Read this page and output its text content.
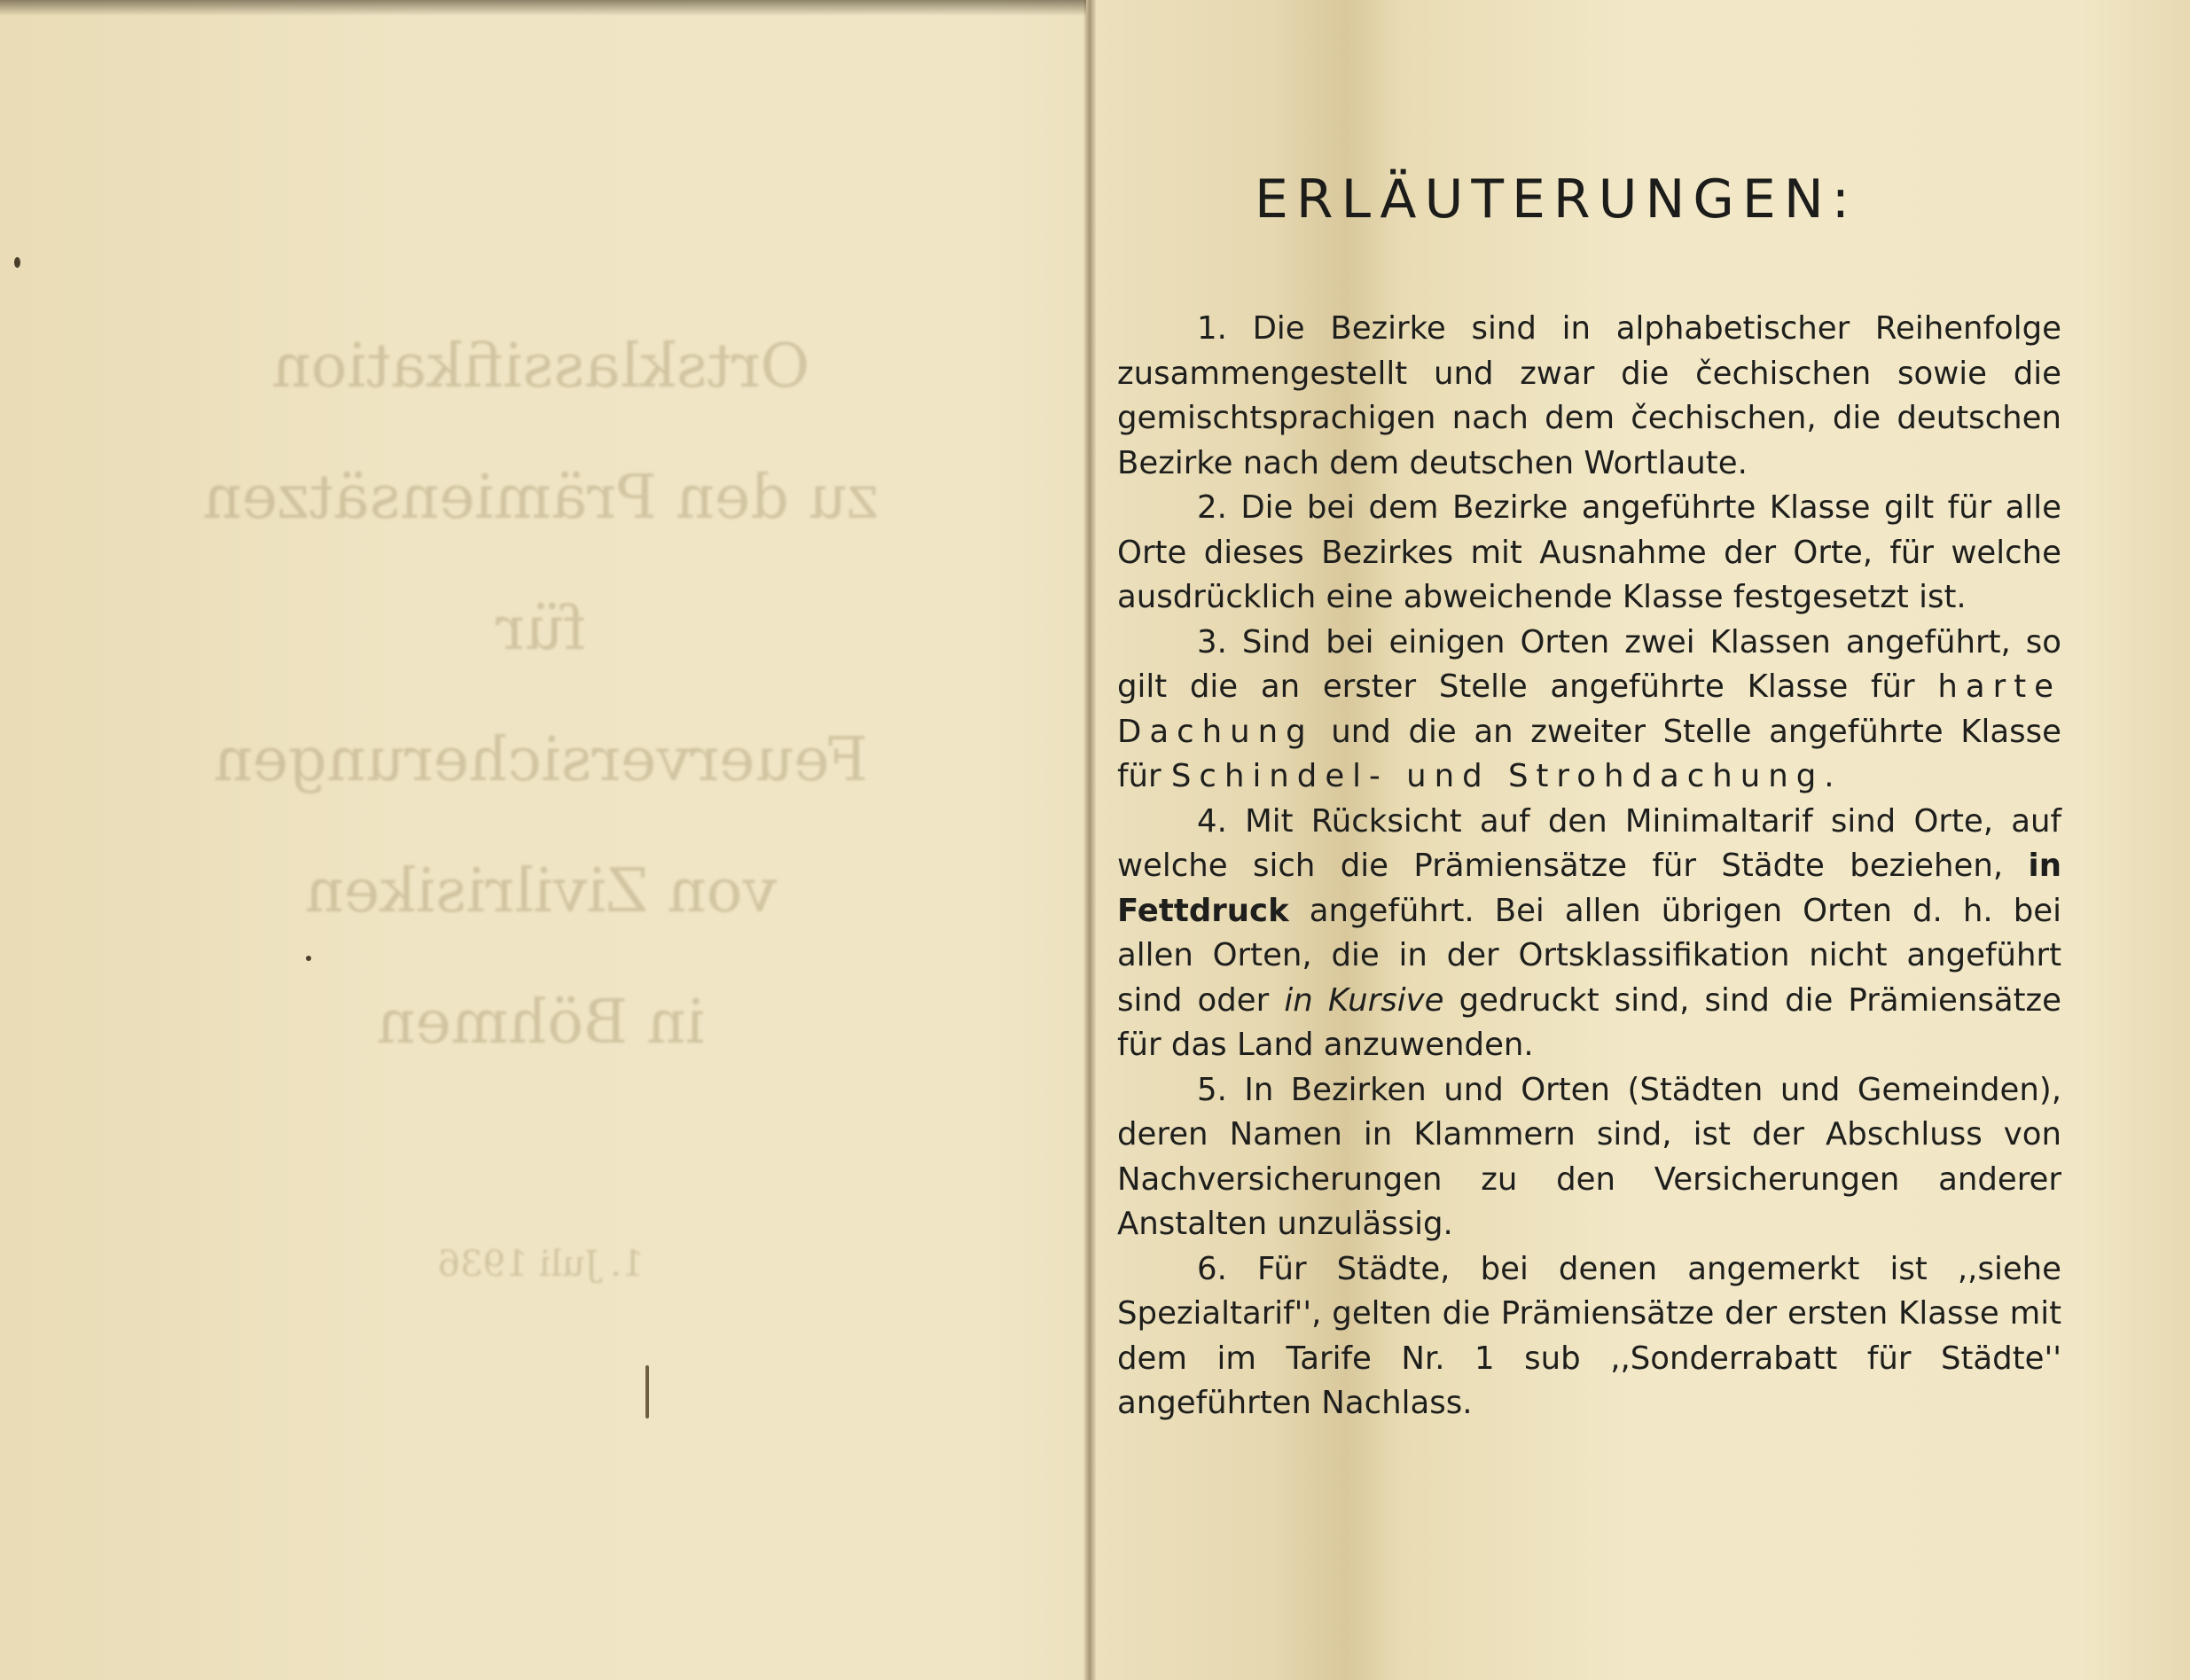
Ortsklassifikation
zu den Prämiensätzen
für
Feuerversicherungen
von Zivilrisiken
in Böhmen
1. Juli 1936
ERLÄUTERUNGEN:

1. Die Bezirke sind in alphabetischer Reihenfolge zusammengestellt und zwar die čechischen sowie die gemischtsprachigen nach dem čechischen, die deutschen Bezirke nach dem deutschen Wortlaute.

2. Die bei dem Bezirke angeführte Klasse gilt für alle Orte dieses Bezirkes mit Ausnahme der Orte, für welche ausdrücklich eine abweichende Klasse festgesetzt ist.

3. Sind bei einigen Orten zwei Klassen angeführt, so gilt die an erster Stelle angeführte Klasse für harte Dachung und die an zweiter Stelle angeführte Klasse für Schindel- und Strohdachung.

4. Mit Rücksicht auf den Minimaltarif sind Orte, auf welche sich die Prämiensätze für Städte beziehen, in Fettdruck angeführt. Bei allen übrigen Orten d. h. bei allen Orten, die in der Ortsklassifikation nicht angeführt sind oder in Kursive gedruckt sind, sind die Prämiensätze für das Land anzuwenden.

5. In Bezirken und Orten (Städten und Gemeinden), deren Namen in Klammern sind, ist der Abschluss von Nachversicherungen zu den Versicherungen anderer Anstalten unzulässig.

6. Für Städte, bei denen angemerkt ist ,,siehe Spezialtarif'', gelten die Prämiensätze der ersten Klasse mit dem im Tarife Nr. 1 sub ,,Sonderrabatt für Städte'' angeführten Nachlass.
